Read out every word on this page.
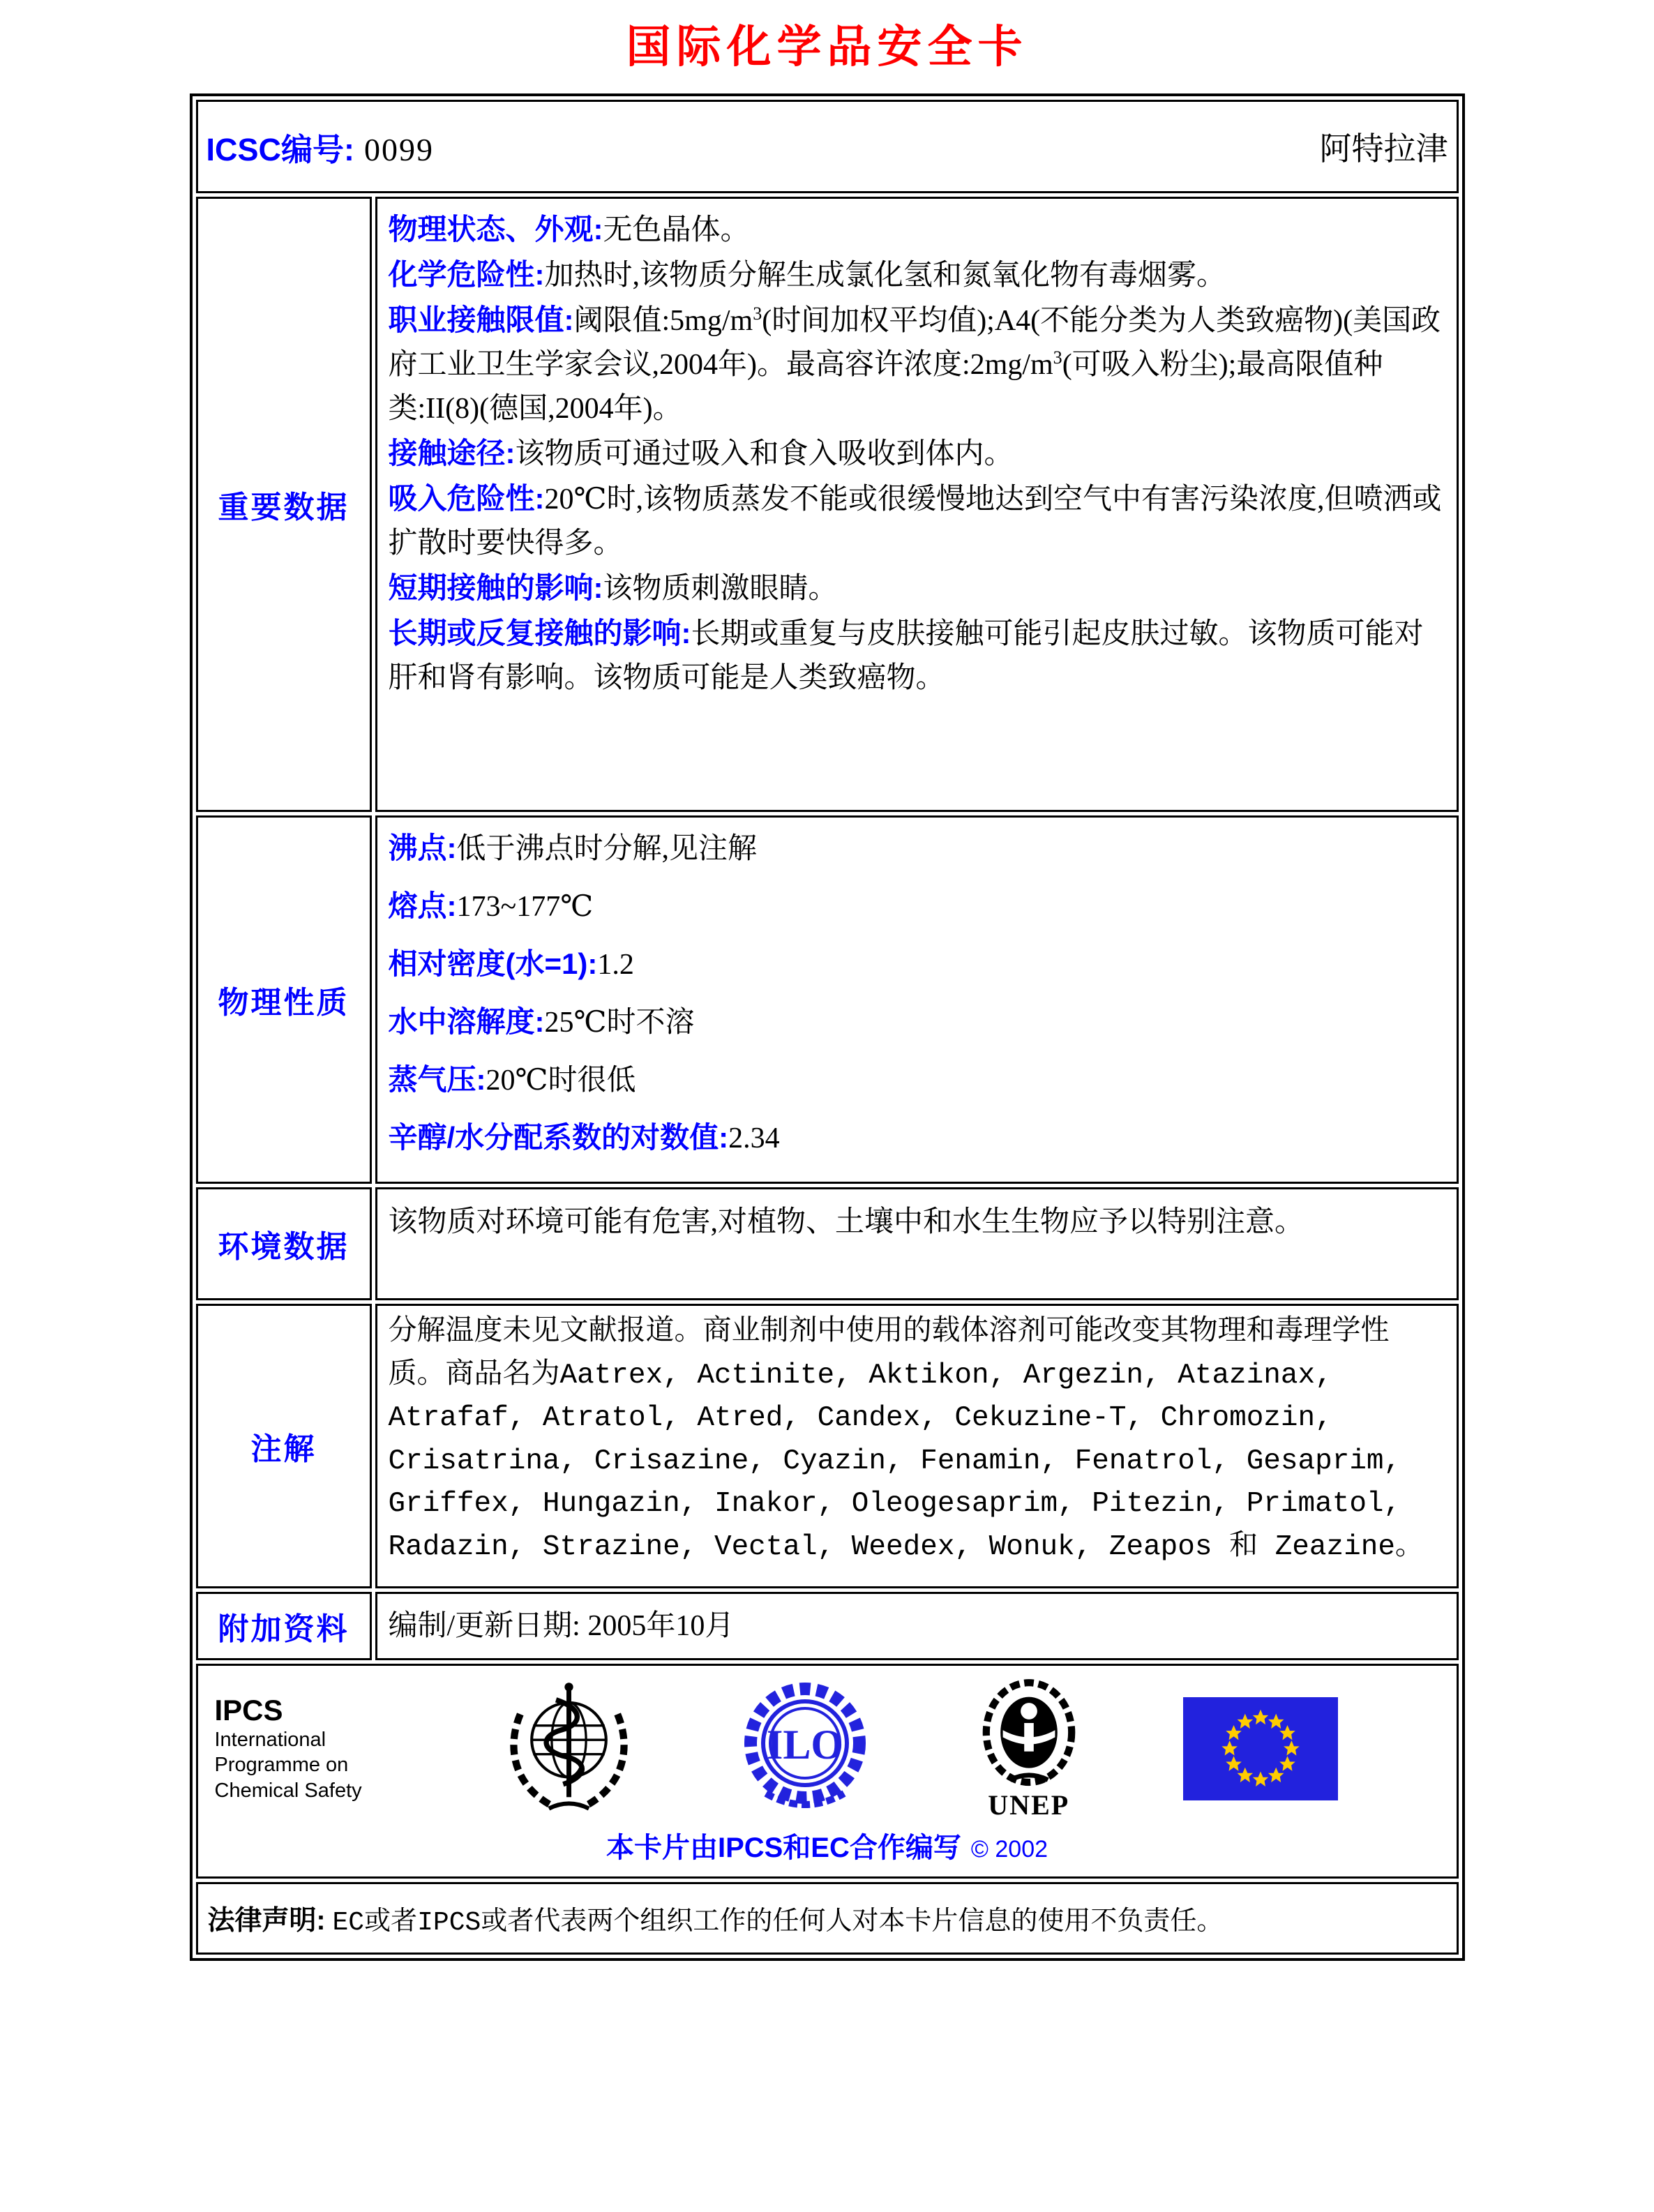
国际化学品安全卡
ICSC编号: 0099 阿特拉津	

重要数据	
物理状态、外观:无色晶体。
化学危险性:加热时,该物质分解生成氯化氢和氮氧化物有毒烟雾。
职业接触限值:阈限值$:5mg/m^3$(时间加权平均值);A4(不能分类为人类致癌物)(美国政府工业卫生学家会议,2004年)。最高容许浓度$:2mg/m^3$(可吸入粉尘);最高限值种类:II(8)(德国,2004年)。
接触途径:该物质可通过吸入和食入吸收到体内。
吸入危险性:20℃时,该物质蒸发不能或很缓慢地达到空气中有害污染浓度,但喷洒或扩散时要快得多。
短期接触的影响:该物质刺激眼睛。
长期或反复接触的影响:长期或重复与皮肤接触可能引起皮肤过敏。该物质可能对肝和肾有影响。该物质可能是人类致癌物。

物理性质	
沸点:低于沸点时分解,见注解
熔点:173~177℃
相对密度(水=1):1.2
水中溶解度:25℃时不溶
蒸气压:20℃时很低
辛醇/水分配系数的对数值:2.34

环境数据	该物质对环境可能有危害,对植物、土壤中和水生生物应予以特别注意。
注解	分解温度未见文献报道。商业制剂中使用的载体溶剂可能改变其物理和毒理学性质。商品名为Aatrex, Actinite, Aktikon, Argezin, Atazinax, Atrafaf, Atratol, Atred, Candex, Cekuzine-T, Chromozin, Crisatrina, Crisazine, Cyazin, Fenamin, Fenatrol, Gesaprim, Griffex, Hungazin, Inakor, Oleogesaprim, Pitezin, Primatol, Radazin, Strazine, Vectal, Weedex, Wonuk, Zeapos 和 Zeazine。
附加资料	编制/更新日期: 2005年10月

IPCS
International
Programme on
Chemical Safety
ILO
UNEP
本卡片由IPCS和EC合作编写 © 2002

法律声明: EC或者IPCS或者代表两个组织工作的任何人对本卡片信息的使用不负责任。	
